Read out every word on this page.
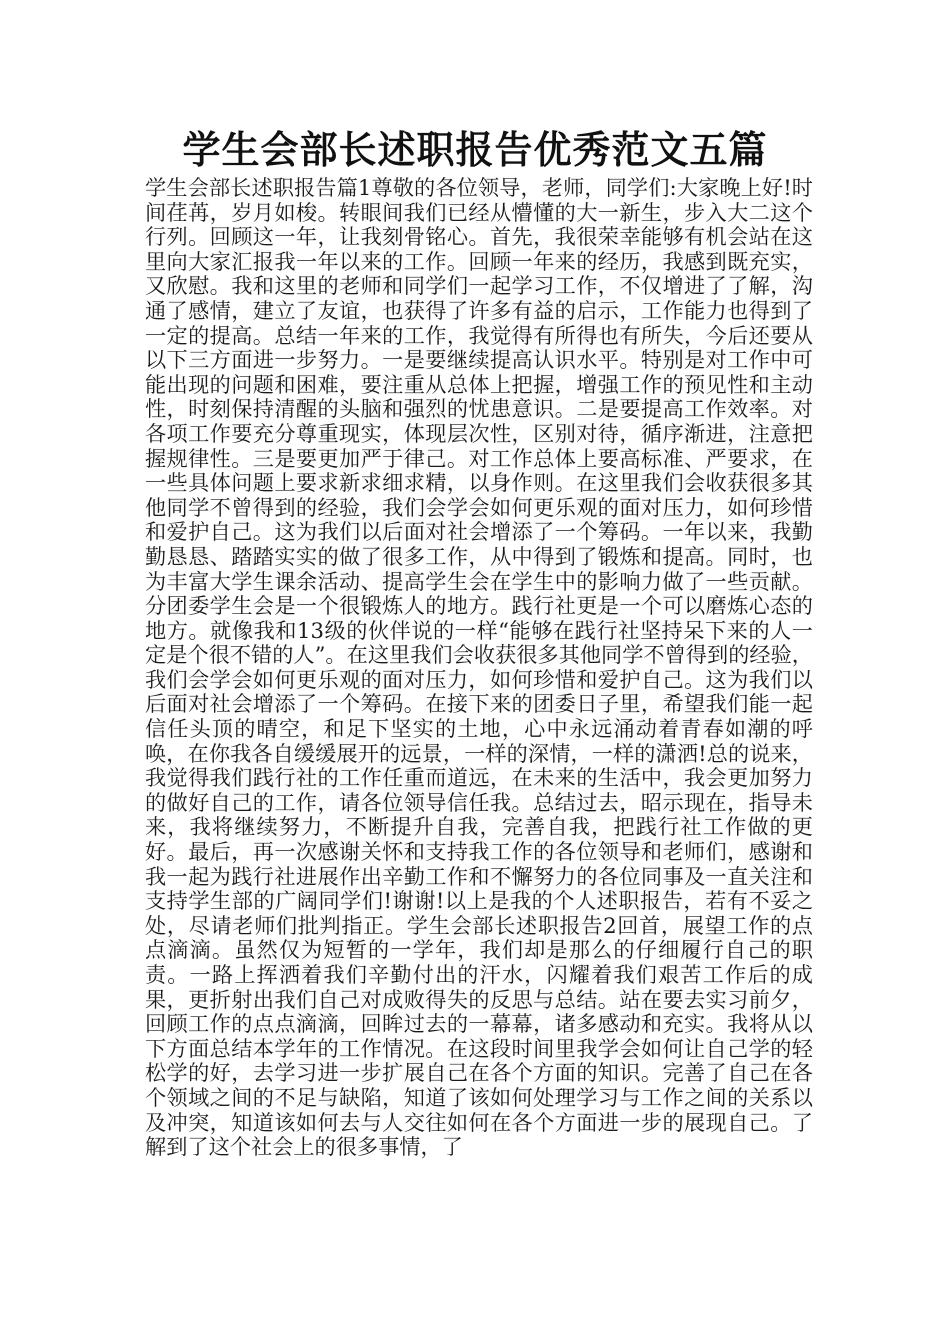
学生会部长述职报告优秀范文五篇

学生会部长述职报告篇1尊敬的各位领导，老师，同学们:大家晚上好!时间荏苒，岁月如梭。转眼间我们已经从懵懂的大一新生，步入大二这个行列。回顾这一年，让我刻骨铭心。首先，我很荣幸能够有机会站在这里向大家汇报我一年以来的工作。回顾一年来的经历，我感到既充实，又欣慰。我和这里的老师和同学们一起学习工作，不仅增进了了解，沟通了感情，建立了友谊，也获得了许多有益的启示，工作能力也得到了一定的提高。总结一年来的工作，我觉得有所得也有所失，今后还要从以下三方面进一步努力。一是要继续提高认识水平。特别是对工作中可能出现的问题和困难，要注重从总体上把握，增强工作的预见性和主动性，时刻保持清醒的头脑和强烈的忧患意识。二是要提高工作效率。对各项工作要充分尊重现实，体现层次性，区别对待，循序渐进，注意把握规律性。三是要更加严于律己。对工作总体上要高标准、严要求，在一些具体问题上要求新求细求精，以身作则。在这里我们会收获很多其他同学不曾得到的经验，我们会学会如何更乐观的面对压力，如何珍惜和爱护自己。这为我们以后面对社会增添了一个筹码。一年以来，我勤勤恳恳、踏踏实实的做了很多工作，从中得到了锻炼和提高。同时，也为丰富大学生课余活动、提高学生会在学生中的影响力做了一些贡献。分团委学生会是一个很锻炼人的地方。践行社更是一个可以磨炼心态的地方。就像我和13级的伙伴说的一样“能够在践行社坚持呆下来的人一定是个很不错的人”。在这里我们会收获很多其他同学不曾得到的经验，我们会学会如何更乐观的面对压力，如何珍惜和爱护自己。这为我们以后面对社会增添了一个筹码。在接下来的团委日子里，希望我们能一起信任头顶的晴空，和足下坚实的土地，心中永远涌动着青春如潮的呼唤，在你我各自缓缓展开的远景，一样的深情，一样的潇洒!总的说来，我觉得我们践行社的工作任重而道远，在未来的生活中，我会更加努力的做好自己的工作，请各位领导信任我。总结过去，昭示现在，指导未来，我将继续努力，不断提升自我，完善自我，把践行社工作做的更好。最后，再一次感谢关怀和支持我工作的各位领导和老师们，感谢和我一起为践行社进展作出辛勤工作和不懈努力的各位同事及一直关注和支持学生部的广阔同学们!谢谢!以上是我的个人述职报告，若有不妥之处，尽请老师们批判指正。学生会部长述职报告2回首，展望工作的点点滴滴。虽然仅为短暂的一学年，我们却是那么的仔细履行自己的职责。一路上挥洒着我们辛勤付出的汗水，闪耀着我们艰苦工作后的成果，更折射出我们自己对成败得失的反思与总结。站在要去实习前夕，回顾工作的点点滴滴，回眸过去的一幕幕，诸多感动和充实。我将从以下方面总结本学年的工作情况。在这段时间里我学会如何让自己学的轻松学的好，去学习进一步扩展自己在各个方面的知识。完善了自己在各个领域之间的不足与缺陷，知道了该如何处理学习与工作之间的关系以及冲突，知道该如何去与人交往如何在各个方面进一步的展现自己。了解到了这个社会上的很多事情，了
